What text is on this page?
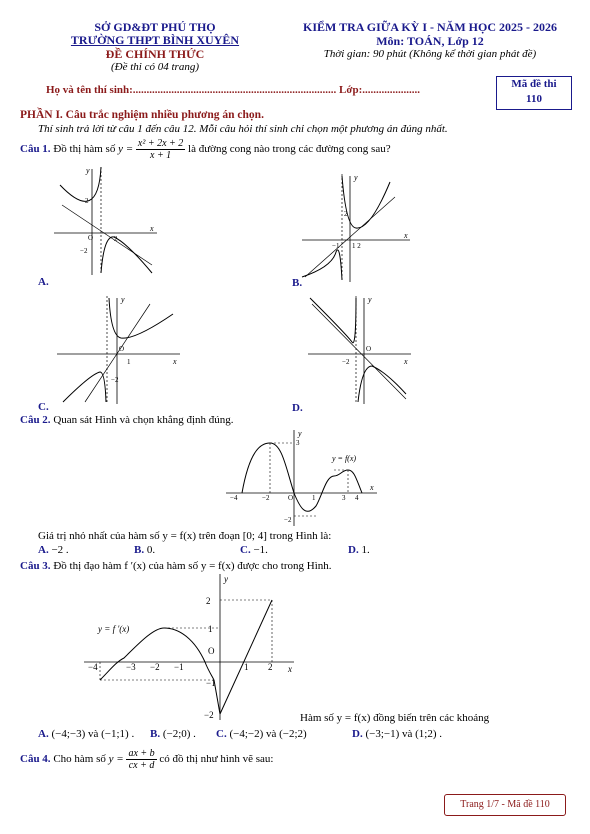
SỞ GD&ĐT PHÚ THỌ
TRƯỜNG THPT BÌNH XUYÊN
ĐỀ CHÍNH THỨC
(Đề thi có 04 trang)
KIỂM TRA GIỮA KỲ I - NĂM HỌC 2025 - 2026
Môn: TOÁN, Lớp 12
Thời gian: 90 phút (Không kể thời gian phát đề)
Họ và tên thí sinh:.......................................................................... Lớp:.....................	Mã đề thi
110
PHẦN I. Câu trắc nghiệm nhiều phương án chọn.
Thí sinh trả lời từ câu 1 đến câu 12. Mỗi câu hỏi thí sinh chỉ chọn một phương án đúng nhất.
Câu 1. Đồ thị hàm số $y = \frac{\text{x² + 2x + 2}}{x + 1}$ là đường cong nào trong các đường cong sau?
y
x
2
O	2
−2
A.
y
x
2
−1 1 2
B.
y
x
O
1
−2
C.
y
x
−2
O
D.
Câu 2. Quan sát Hình và chọn khẳng định đúng.
y
3
x
−4	−2	O	1	3 4
−2
y = f(x)
Giá trị nhỏ nhất của hàm số y = f(x) trên đoạn [0; 4] trong Hình là:
A. −2 .	B. 0.	C. −1.	D. 1.
Câu 3. Đồ thị đạo hàm f ′(x) của hàm số y = f(x) được cho trong Hình.
y
x
2
1
O
−1
−2
−4	−3 −2 −1	1 2
y = f ′(x)
Hàm số y = f(x) đồng biến trên các khoảng
A. (−4;−3) và (−1;1) . B. (−2;0) . C. (−4;−2) và (−2;2)	D. (−3;−1) và (1;2) .
Câu 4. Cho hàm số $y = \frac{ax + b}{cx + d}$ có đồ thị như hình vẽ sau:
Trang 1/7 - Mã đề 110
